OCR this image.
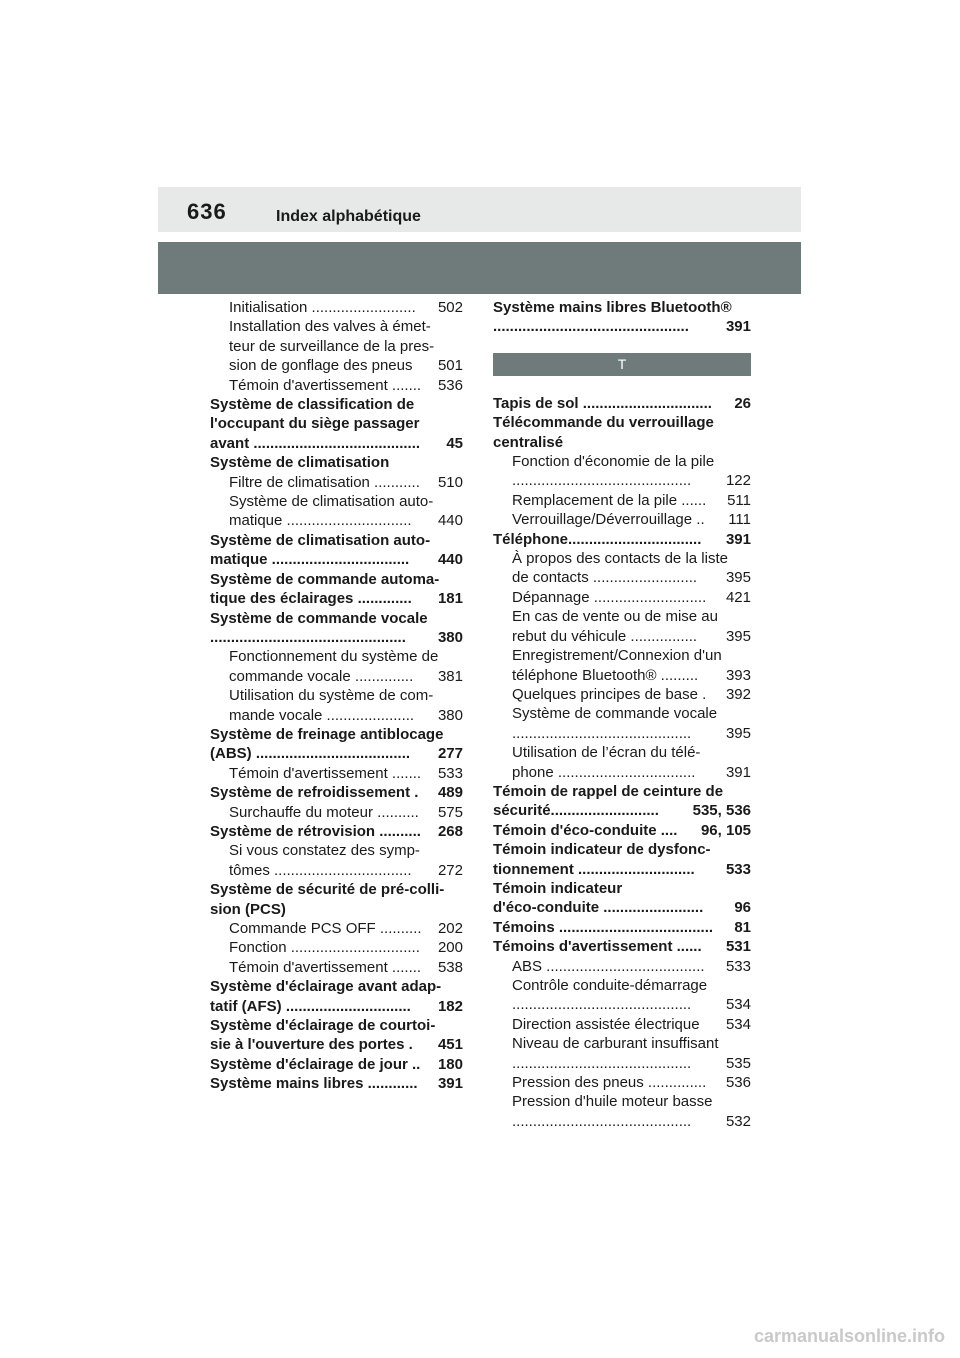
636	Index alphabétique
Initialisation .........................
502
Installation des valves à émet-
teur de surveillance de la pres-
sion de gonflage des pneus
501
Témoin d'avertissement .......
536
Système de classification de
l'occupant du siège passager
avant ........................................
45
Système de climatisation
Filtre de climatisation ...........
510
Système de climatisation auto-
matique ..............................
440
Système de climatisation auto-
matique .................................
440
Système de commande automa-
tique des éclairages .............
181
Système de commande vocale
...............................................
380
Fonctionnement du système de
commande vocale ..............
381
Utilisation du système de com-
mande vocale .....................
380
Système de freinage antiblocage
(ABS) .....................................
277
Témoin d'avertissement .......
533
Système de refroidissement .
489
Surchauffe du moteur ..........
575
Système de rétrovision ..........
268
Si vous constatez des symp-
tômes .................................
272
Système de sécurité de pré-colli-
sion (PCS)
Commande PCS OFF ..........
202
Fonction ...............................
200
Témoin d'avertissement .......
538
Système d'éclairage avant adap-
tatif (AFS) ..............................
182
Système d'éclairage de courtoi-
sie à l'ouverture des portes .
451
Système d'éclairage de jour ..
180
Système mains libres ............
391
Système mains libres Bluetooth®
...............................................
391
T
Tapis de sol ...............................
26
Télécommande du verrouillage
centralisé
Fonction d'économie de la pile
...........................................
122
Remplacement de la pile ......
511
Verrouillage/Déverrouillage ..
111
Téléphone................................
391
À propos des contacts de la liste
de contacts .........................
395
Dépannage ...........................
421
En cas de vente ou de mise au
rebut du véhicule ................
395
Enregistrement/Connexion d'un
téléphone Bluetooth® .........
393
Quelques principes de base .
392
Système de commande vocale
...........................................
395
Utilisation de l’écran du télé-
phone .................................
391
Témoin de rappel de ceinture de
sécurité..........................
535, 536
Témoin d'éco-conduite ....
96, 105
Témoin indicateur de dysfonc-
tionnement ............................
533
Témoin indicateur
d'éco-conduite ........................
96
Témoins .....................................
81
Témoins d'avertissement ......
531
ABS ......................................
533
Contrôle conduite-démarrage
...........................................
534
Direction assistée électrique
534
Niveau de carburant insuffisant
...........................................
535
Pression des pneus ..............
536
Pression d'huile moteur basse
...........................................
532
carmanualsonline.info
